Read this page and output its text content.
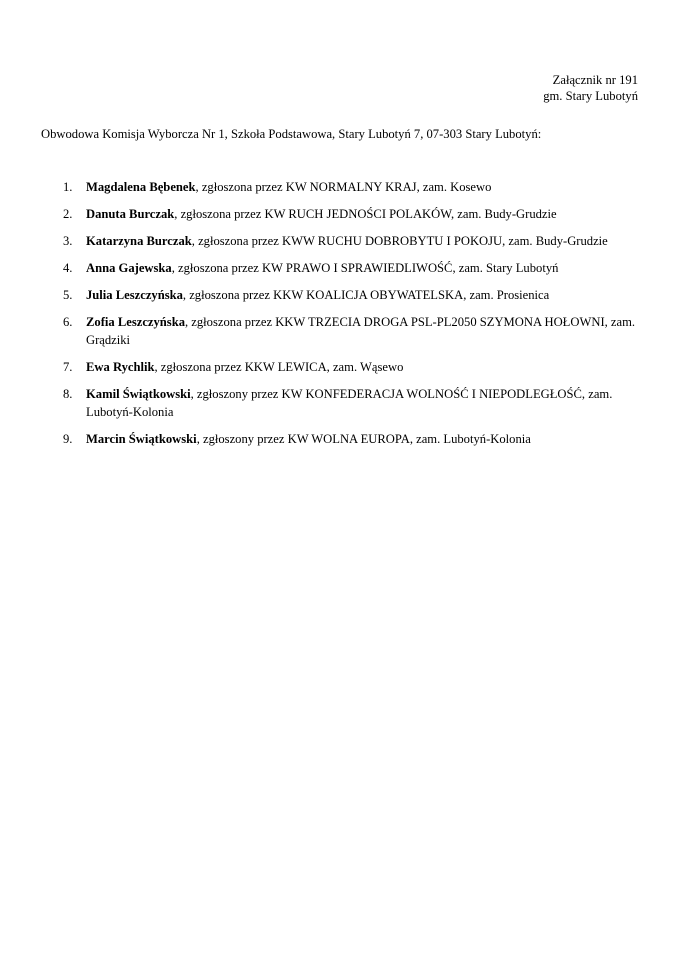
Załącznik nr 191
gm. Stary Lubotyń
Obwodowa Komisja Wyborcza Nr 1, Szkoła Podstawowa, Stary Lubotyń 7, 07-303 Stary Lubotyń:
1. Magdalena Bębenek, zgłoszona przez KW NORMALNY KRAJ, zam. Kosewo
2. Danuta Burczak, zgłoszona przez KW RUCH JEDNOŚCI POLAKÓW, zam. Budy-Grudzie
3. Katarzyna Burczak, zgłoszona przez KWW RUCHU DOBROBYTU I POKOJU, zam. Budy-Grudzie
4. Anna Gajewska, zgłoszona przez KW PRAWO I SPRAWIEDLIWOŚĆ, zam. Stary Lubotyń
5. Julia Leszczyńska, zgłoszona przez KKW KOALICJA OBYWATELSKA, zam. Prosienica
6. Zofia Leszczyńska, zgłoszona przez KKW TRZECIA DROGA PSL-PL2050 SZYMONA HOŁOWNI, zam. Grądziki
7. Ewa Rychlik, zgłoszona przez KKW LEWICA, zam. Wąsewo
8. Kamil Świątkowski, zgłoszony przez KW KONFEDERACJA WOLNOŚĆ I NIEPODLEGŁOŚĆ, zam. Lubotyń-Kolonia
9. Marcin Świątkowski, zgłoszony przez KW WOLNA EUROPA, zam. Lubotyń-Kolonia
